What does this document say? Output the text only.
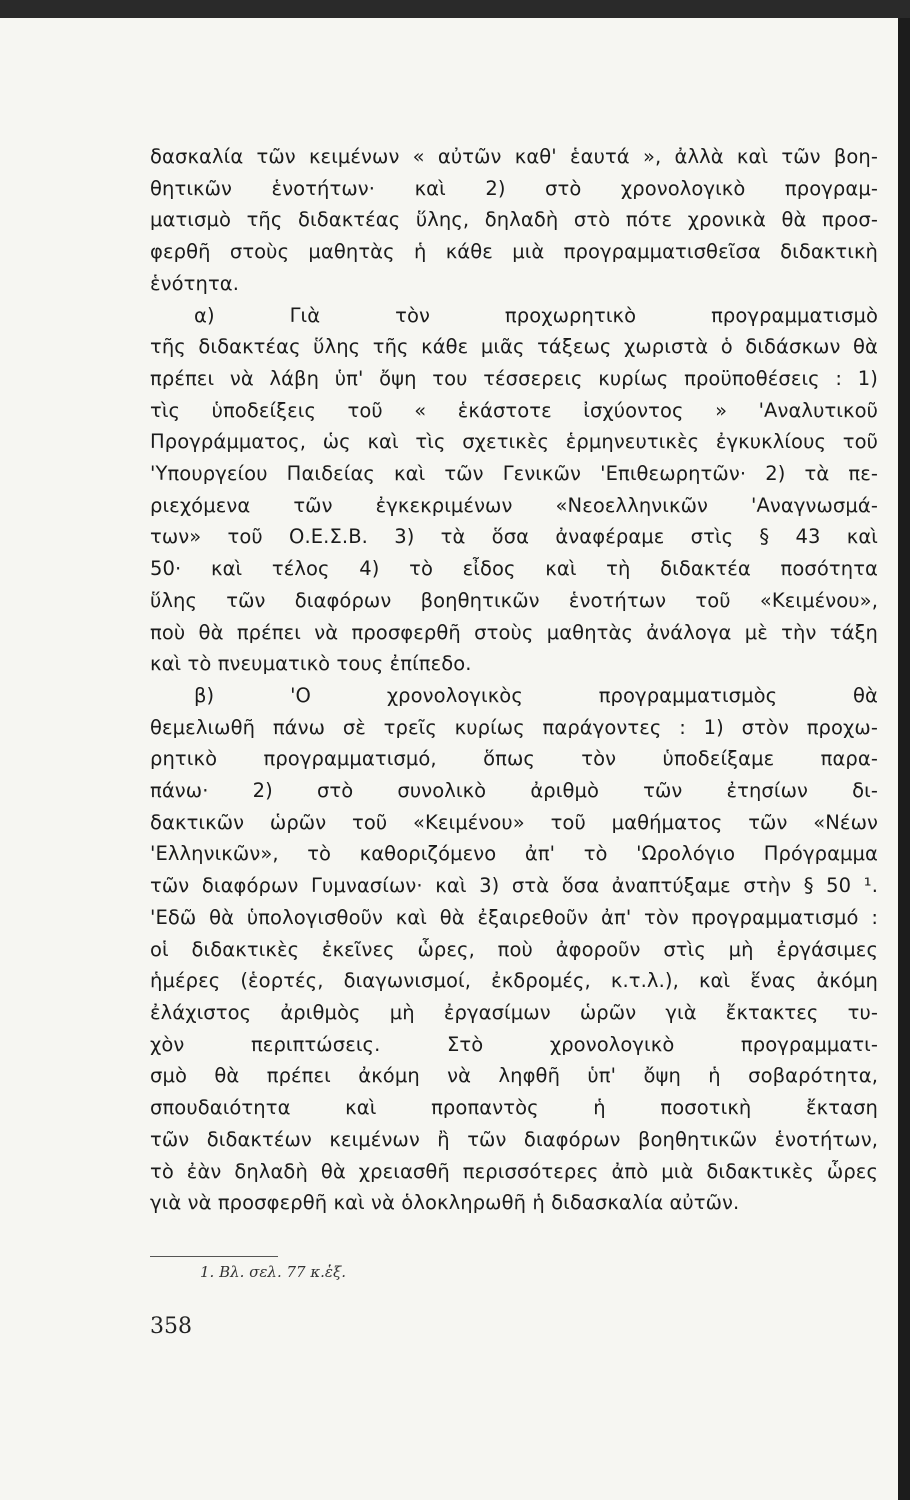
δασκαλία τῶν κειμένων « αὐτῶν καθ' ἑαυτά », ἀλλὰ καὶ τῶν βοη-
θητικῶν ἑνοτήτων· καὶ 2) στὸ χρονολογικὸ προγραμ-
ματισμὸ τῆς διδακτέας ὕλης, δηλαδὴ στὸ πότε χρονικὰ θὰ προσ-
φερθῆ στοὺς μαθητὰς ἡ κάθε μιὰ προγραμματισθεῖσα διδακτικὴ
ἑνότητα.
α) Γιὰ τὸν προχωρητικὸ προγραμματισμὸ
τῆς διδακτέας ὕλης τῆς κάθε μιᾶς τάξεως χωριστὰ ὁ διδάσκων θὰ
πρέπει νὰ λάβη ὑπ' ὄψη του τέσσερεις κυρίως προϋποθέσεις : 1)
τὶς ὑποδείξεις τοῦ « ἑκάστοτε ἰσχύοντος » 'Αναλυτικοῦ
Προγράμματος, ὡς καὶ τὶς σχετικὲς ἑρμηνευτικὲς ἐγκυκλίους τοῦ
'Υπουργείου Παιδείας καὶ τῶν Γενικῶν 'Επιθεωρητῶν· 2) τὰ πε-
ριεχόμενα τῶν ἐγκεκριμένων «Νεοελληνικῶν 'Αναγνωσμά-
των» τοῦ Ο.Ε.Σ.Β. 3) τὰ ὅσα ἀναφέραμε στὶς § 43 καὶ
50· καὶ τέλος 4) τὸ εἶδος καὶ τὴ διδακτέα ποσότητα
ὕλης τῶν διαφόρων βοηθητικῶν ἑνοτήτων τοῦ «Κειμένου»,
ποὺ θὰ πρέπει νὰ προσφερθῆ στοὺς μαθητὰς ἀνάλογα μὲ τὴν τάξη
καὶ τὸ πνευματικὸ τους ἐπίπεδο.
β) 'Ο χρονολογικὸς προγραμματισμὸς θὰ
θεμελιωθῆ πάνω σὲ τρεῖς κυρίως παράγοντες : 1) στὸν προχω-
ρητικὸ προγραμματισμό, ὅπως τὸν ὑποδείξαμε παρα-
πάνω· 2) στὸ συνολικὸ ἀριθμὸ τῶν ἐτησίων δι-
δακτικῶν ὡρῶν τοῦ «Κειμένου» τοῦ μαθήματος τῶν «Νέων
'Ελληνικῶν», τὸ καθοριζόμενο ἀπ' τὸ 'Ωρολόγιο Πρόγραμμα
τῶν διαφόρων Γυμνασίων· καὶ 3) στὰ ὅσα ἀναπτύξαμε στὴν § 50 ¹.
'Εδῶ θὰ ὑπολογισθοῦν καὶ θὰ ἐξαιρεθοῦν ἀπ' τὸν προγραμματισμό :
οἱ διδακτικὲς ἐκεῖνες ὧρες, ποὺ ἀφοροῦν στὶς μὴ ἐργάσιμες
ἡμέρες (ἑορτές, διαγωνισμοί, ἐκδρομές, κ.τ.λ.), καὶ ἕνας ἀκόμη
ἐλάχιστος ἀριθμὸς μὴ ἐργασίμων ὡρῶν γιὰ ἔκτακτες τυ-
χὸν περιπτώσεις. Στὸ χρονολογικὸ προγραμματι-
σμὸ θὰ πρέπει ἀκόμη νὰ ληφθῆ ὑπ' ὄψη ἡ σοβαρότητα,
σπουδαιότητα καὶ προπαντὸς ἡ ποσοτικὴ ἔκταση
τῶν διδακτέων κειμένων ἢ τῶν διαφόρων βοηθητικῶν ἑνοτήτων,
τὸ ἐὰν δηλαδὴ θὰ χρειασθῆ περισσότερες ἀπὸ μιὰ διδακτικὲς ὧρες
γιὰ νὰ προσφερθῆ καὶ νὰ ὁλοκληρωθῆ ἡ διδασκαλία αὐτῶν.
1. Βλ. σελ. 77 κ.ἑξ.
358
